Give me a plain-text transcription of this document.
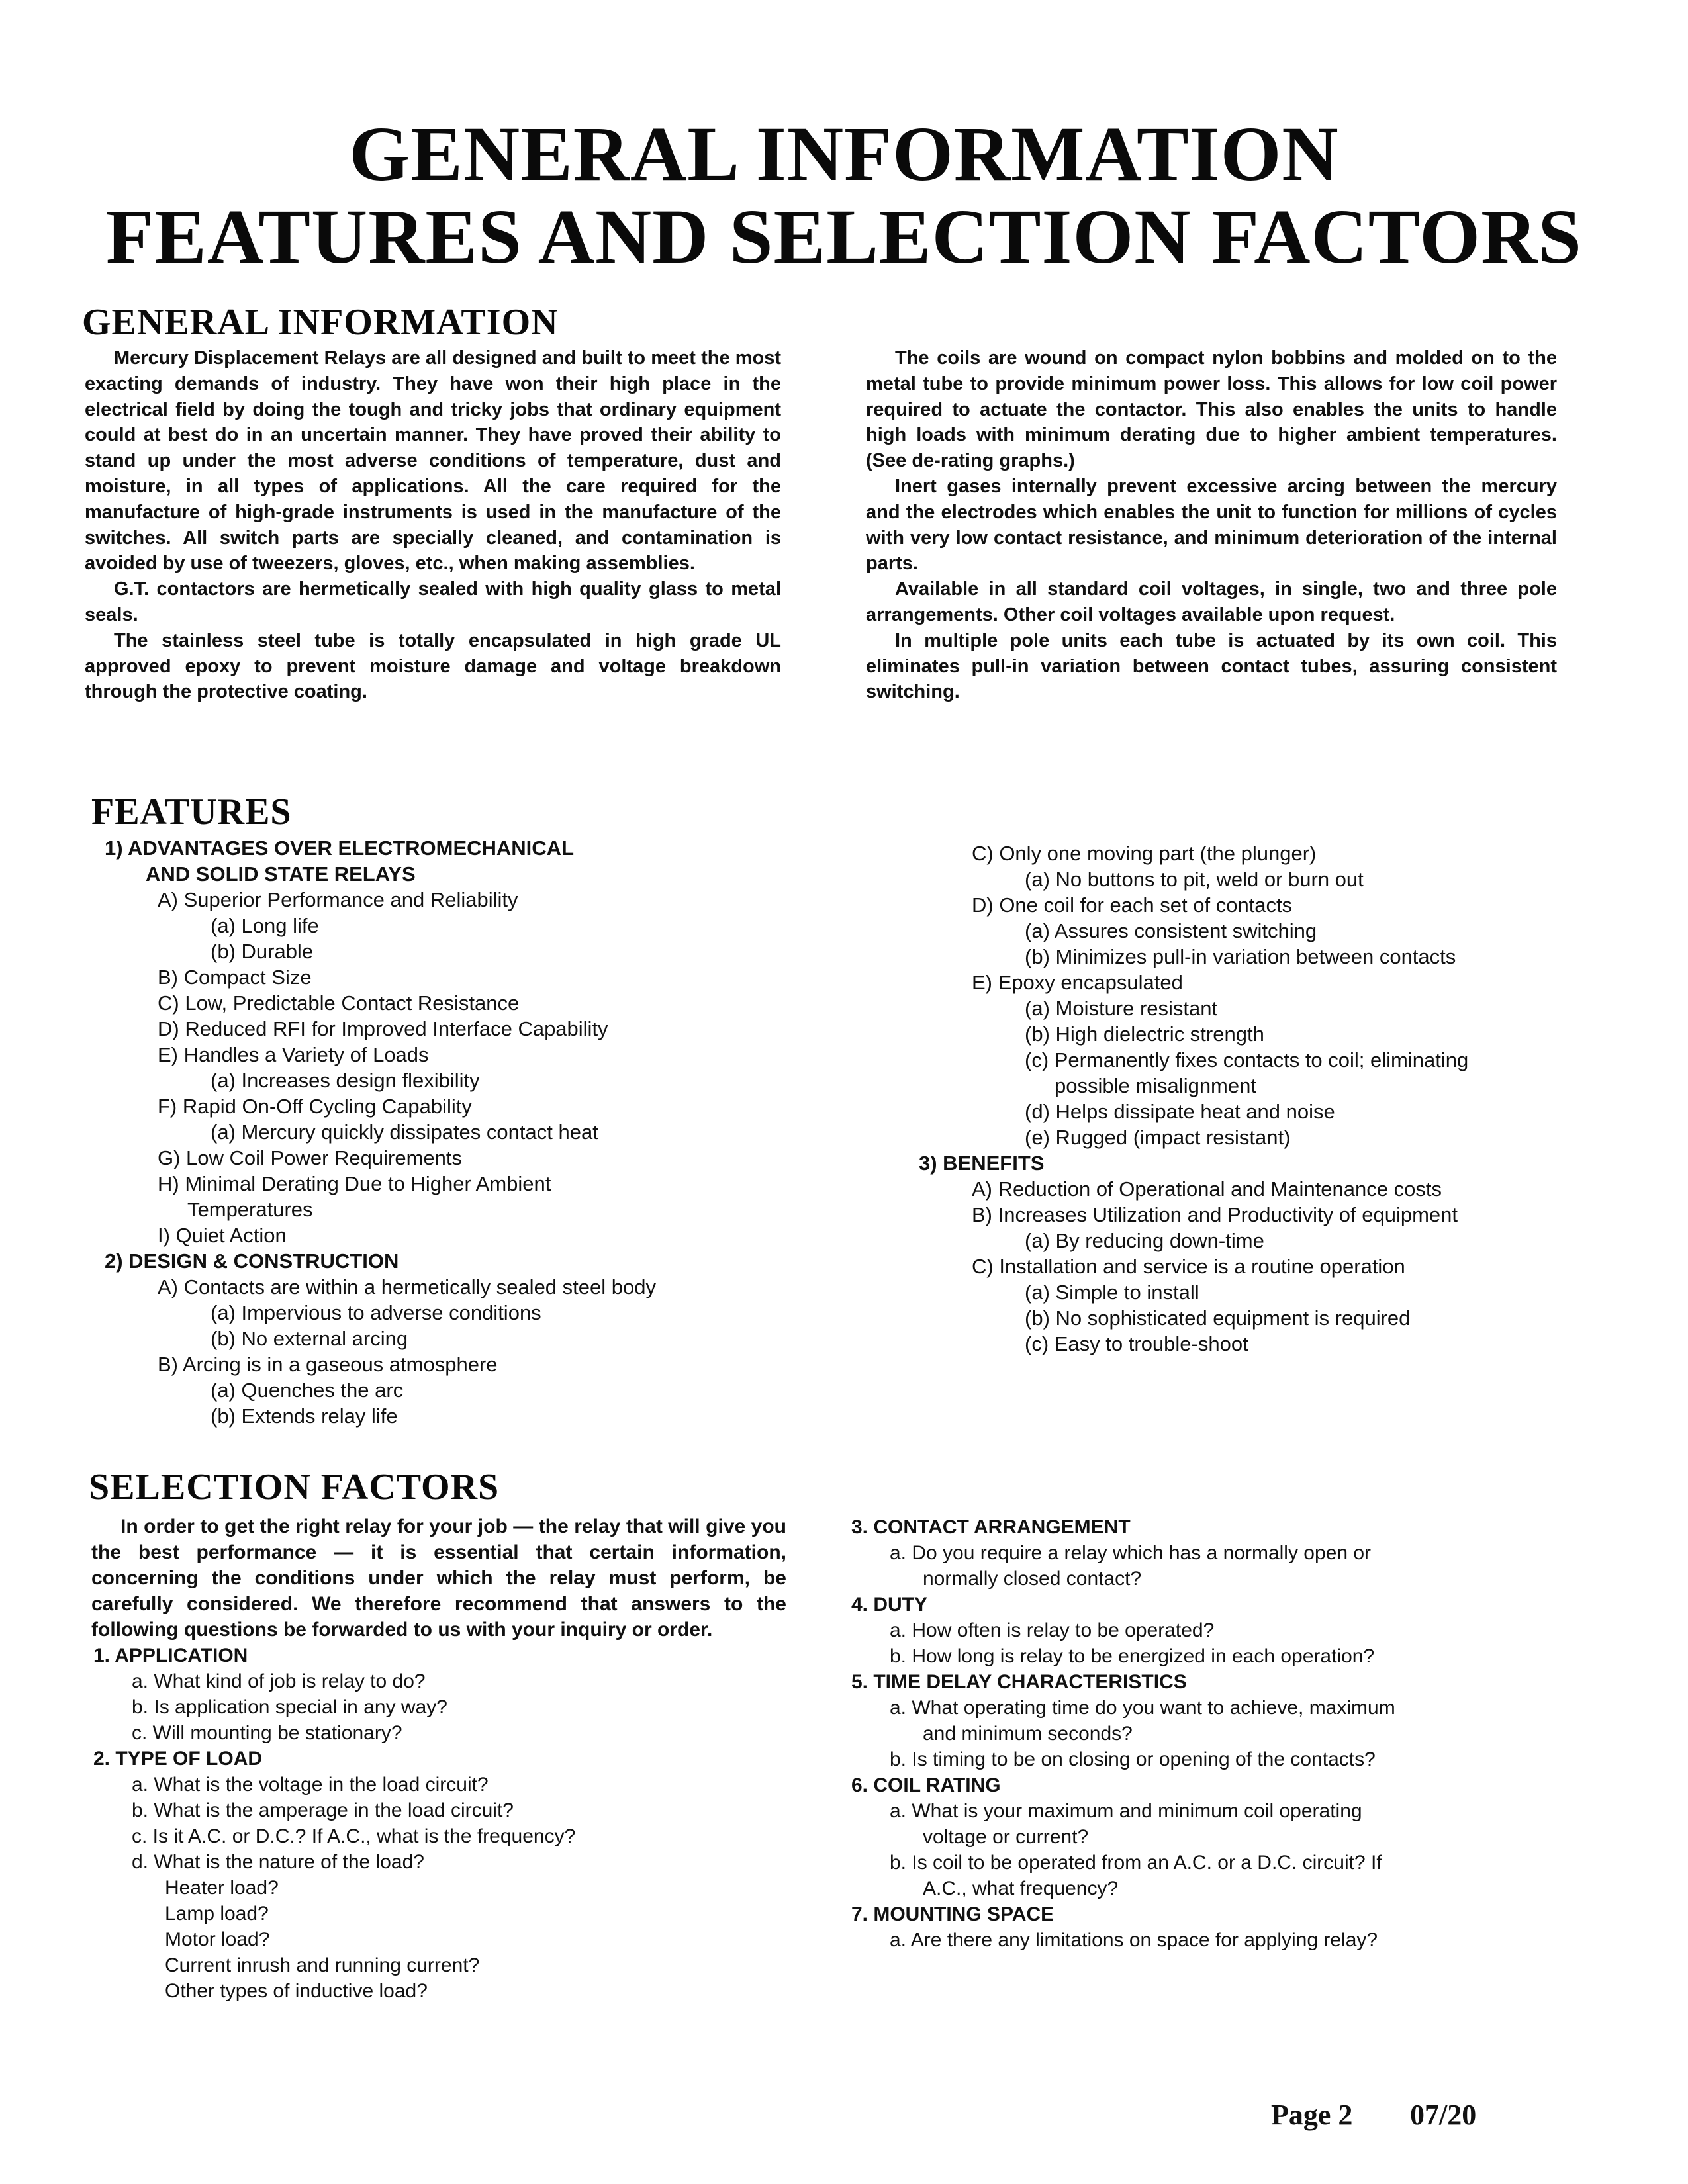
GENERAL INFORMATION
FEATURES AND SELECTION FACTORS
GENERAL INFORMATION

Mercury Displacement Relays are all designed and built to meet the most exacting demands of industry. They have won their high place in the electrical field by doing the tough and tricky jobs that ordinary equipment could at best do in an uncertain manner. They have proved their ability to stand up under the most adverse conditions of temperature, dust and moisture, in all types of applications. All the care required for the manufacture of high-grade instruments is used in the manufacture of the switches. All switch parts are specially cleaned, and contamination is avoided by use of tweezers, gloves, etc., when making assemblies.

G.T. contactors are hermetically sealed with high quality glass to metal seals.

The stainless steel tube is totally encapsulated in high grade UL approved epoxy to prevent moisture damage and voltage breakdown through the protective coating.

The coils are wound on compact nylon bobbins and molded on to the metal tube to provide minimum power loss. This allows for low coil power required to actuate the contactor. This also enables the units to handle high loads with minimum derating due to higher ambient temperatures. (See de-rating graphs.)

Inert gases internally prevent excessive arcing between the mercury and the electrodes which enables the unit to function for millions of cycles with very low contact resistance, and minimum deterioration of the internal parts.

Available in all standard coil voltages, in single, two and three pole arrangements. Other coil voltages available upon request.

In multiple pole units each tube is actuated by its own coil. This eliminates pull-in variation between contact tubes, assuring consistent switching.

FEATURES
1) ADVANTAGES OVER ELECTROMECHANICAL
AND SOLID STATE RELAYS
A) Superior Performance and Reliability
(a) Long life
(b) Durable
B) Compact Size
C) Low, Predictable Contact Resistance
D) Reduced RFI for Improved Interface Capability
E) Handles a Variety of Loads
(a) Increases design flexibility
F) Rapid On-Off Cycling Capability
(a) Mercury quickly dissipates contact heat
G) Low Coil Power Requirements
H) Minimal Derating Due to Higher Ambient
Temperatures
I) Quiet Action
2) DESIGN & CONSTRUCTION
A) Contacts are within a hermetically sealed steel body
(a) Impervious to adverse conditions
(b) No external arcing
B) Arcing is in a gaseous atmosphere
(a) Quenches the arc
(b) Extends relay life
C) Only one moving part (the plunger)
(a) No buttons to pit, weld or burn out
D) One coil for each set of contacts
(a) Assures consistent switching
(b) Minimizes pull-in variation between contacts
E) Epoxy encapsulated
(a) Moisture resistant
(b) High dielectric strength
(c) Permanently fixes contacts to coil; eliminating
possible misalignment
(d) Helps dissipate heat and noise
(e) Rugged (impact resistant)
3) BENEFITS
A) Reduction of Operational and Maintenance costs
B) Increases Utilization and Productivity of equipment
(a) By reducing down-time
C) Installation and service is a routine operation
(a) Simple to install
(b) No sophisticated equipment is required
(c) Easy to trouble-shoot
SELECTION FACTORS

In order to get the right relay for your job — the relay that will give you the best performance — it is essential that certain information, concerning the conditions under which the relay must perform, be carefully considered. We therefore recommend that answers to the following questions be forwarded to us with your inquiry or order.

1. APPLICATION
a. What kind of job is relay to do?
b. Is application special in any way?
c. Will mounting be stationary?
2. TYPE OF LOAD
a. What is the voltage in the load circuit?
b. What is the amperage in the load circuit?
c. Is it A.C. or D.C.? If A.C., what is the frequency?
d. What is the nature of the load?
Heater load?
Lamp load?
Motor load?
Current inrush and running current?
Other types of inductive load?
3. CONTACT ARRANGEMENT
a. Do you require a relay which has a normally open or
normally closed contact?
4. DUTY
a. How often is relay to be operated?
b. How long is relay to be energized in each operation?
5. TIME DELAY CHARACTERISTICS
a. What operating time do you want to achieve, maximum
and minimum seconds?
b. Is timing to be on closing or opening of the contacts?
6. COIL RATING
a. What is your maximum and minimum coil operating
voltage or current?
b. Is coil to be operated from an A.C. or a D.C. circuit? If
A.C., what frequency?
7. MOUNTING SPACE
a. Are there any limitations on space for applying relay?
Page 2 07/20
